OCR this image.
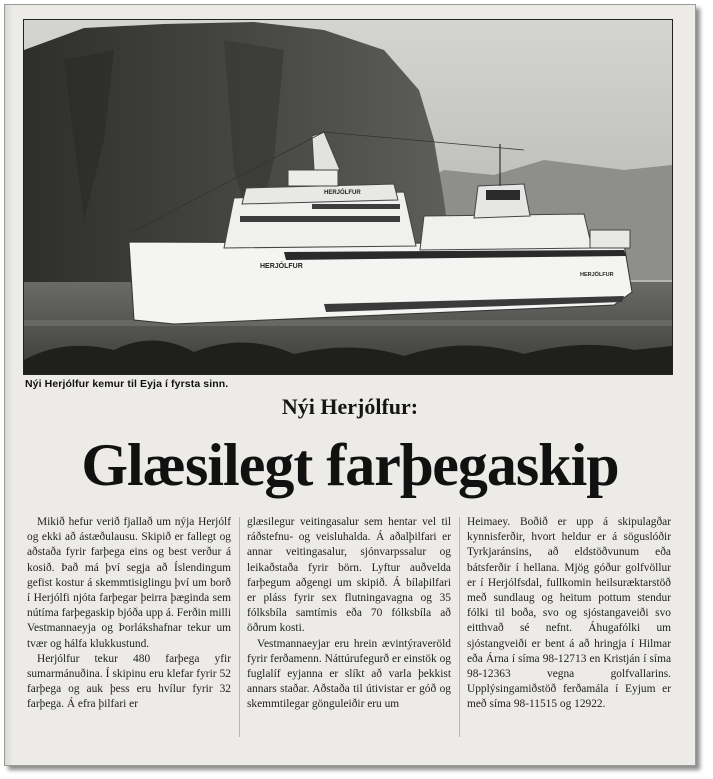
HERJÓLFUR
HERJÓLFUR
HERJÓLFUR
Nýi Herjólfur kemur til Eyja í fyrsta sinn.
Nýi Herjólfur:
Glæsilegt farþegaskip

Mikið hefur verið fjallað um nýja Herjólf og ekki að ástæðulausu. Skipið er fallegt og aðstaða fyrir farþega eins og best verður á kosið. Það má því segja að Íslendingum gefist kostur á skemmtisiglingu því um borð í Herjólfi njóta farþegar þeirra þæginda sem nútíma farþegaskip bjóða upp á. Ferðin milli Vestmannaeyja og Þorlákshafnar tekur um tvær og hálfa klukkustund.

Herjólfur tekur 480 farþega yfir sumarmánuðina. Í skipinu eru klefar fyrir 52 farþega og auk þess eru hvílur fyrir 32 farþega. Á efra þilfari er

glæsilegur veitingasalur sem hentar vel til ráðstefnu- og veisluhalda. Á aðalþilfari er annar veitingasalur, sjónvarpssalur og leikaðstaða fyrir börn. Lyftur auðvelda farþegum aðgengi um skipið. Á bílaþilfari er pláss fyrir sex flutningavagna og 35 fólksbíla samtímis eða 70 fólksbíla að öðrum kosti.

Vestmannaeyjar eru hrein ævintýraveröld fyrir ferðamenn. Náttúrufegurð er einstök og fuglalíf eyjanna er slíkt að varla þekkist annars staðar. Aðstaða til útivistar er góð og skemmtilegar gönguleiðir eru um

Heimaey. Boðið er upp á skipulagðar kynnisferðir, hvort heldur er á söguslóðir Tyrkjaránsins, að eldstöðvunum eða bátsferðir í hellana. Mjög góður golfvöllur er í Herjólfsdal, fullkomin heilsuræktarstöð með sundlaug og heitum pottum stendur fólki til boða, svo og sjóstangaveiði svo eitthvað sé nefnt. Áhugafólki um sjóstangveiði er bent á að hringja í Hilmar eða Árna í síma 98-12713 en Kristján í síma 98-12363 vegna golfvallarins. Upplýsingamiðstöð ferðamála í Eyjum er með síma 98-11515 og 12922.
